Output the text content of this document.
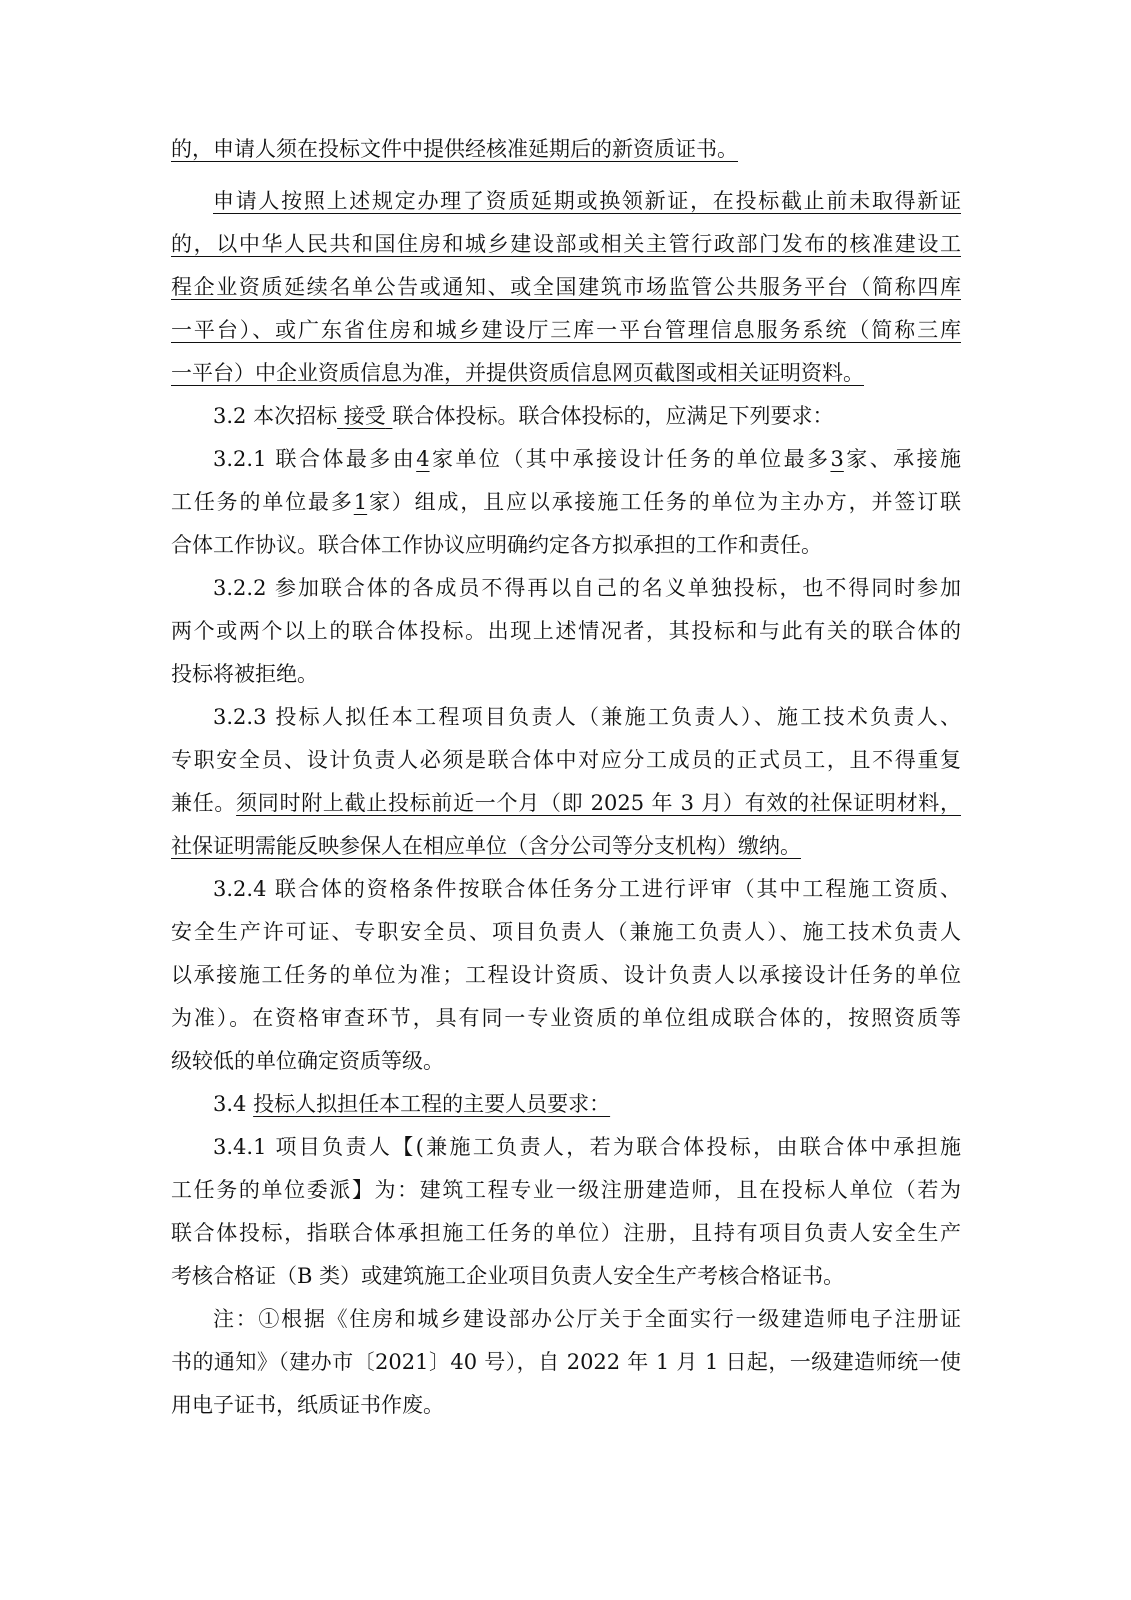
的，申请人须在投标文件中提供经核准延期后的新资质证书。
申请人按照上述规定办理了资质延期或换领新证，在投标截止前未取得新证
的，以中华人民共和国住房和城乡建设部或相关主管行政部门发布的核准建设工
程企业资质延续名单公告或通知、或全国建筑市场监管公共服务平台（简称四库
一平台）、或广东省住房和城乡建设厅三库一平台管理信息服务系统（简称三库
一平台）中企业资质信息为准，并提供资质信息网页截图或相关证明资料。
3.2 本次招标 接受 联合体投标。联合体投标的，应满足下列要求：
3.2.1 联合体最多由4家单位（其中承接设计任务的单位最多3家、承接施
工任务的单位最多1家）组成，且应以承接施工任务的单位为主办方，并签订联
合体工作协议。联合体工作协议应明确约定各方拟承担的工作和责任。
3.2.2 参加联合体的各成员不得再以自己的名义单独投标，也不得同时参加
两个或两个以上的联合体投标。出现上述情况者，其投标和与此有关的联合体的
投标将被拒绝。
3.2.3 投标人拟任本工程项目负责人（兼施工负责人）、施工技术负责人、
专职安全员、设计负责人必须是联合体中对应分工成员的正式员工，且不得重复
兼任。须同时附上截止投标前近一个月（即 2025 年 3 月）有效的社保证明材料，
社保证明需能反映参保人在相应单位（含分公司等分支机构）缴纳。
3.2.4 联合体的资格条件按联合体任务分工进行评审（其中工程施工资质、
安全生产许可证、专职安全员、项目负责人（兼施工负责人）、施工技术负责人
以承接施工任务的单位为准；工程设计资质、设计负责人以承接设计任务的单位
为准）。在资格审查环节，具有同一专业资质的单位组成联合体的，按照资质等
级较低的单位确定资质等级。
3.4 投标人拟担任本工程的主要人员要求：
3.4.1 项目负责人【(兼施工负责人，若为联合体投标，由联合体中承担施
工任务的单位委派】为：建筑工程专业一级注册建造师，且在投标人单位（若为
联合体投标，指联合体承担施工任务的单位）注册，且持有项目负责人安全生产
考核合格证（B 类）或建筑施工企业项目负责人安全生产考核合格证书。
注：①根据《住房和城乡建设部办公厅关于全面实行一级建造师电子注册证
书的通知》（建办市〔2021〕40 号），自 2022 年 1 月 1 日起，一级建造师统一使
用电子证书，纸质证书作废。
